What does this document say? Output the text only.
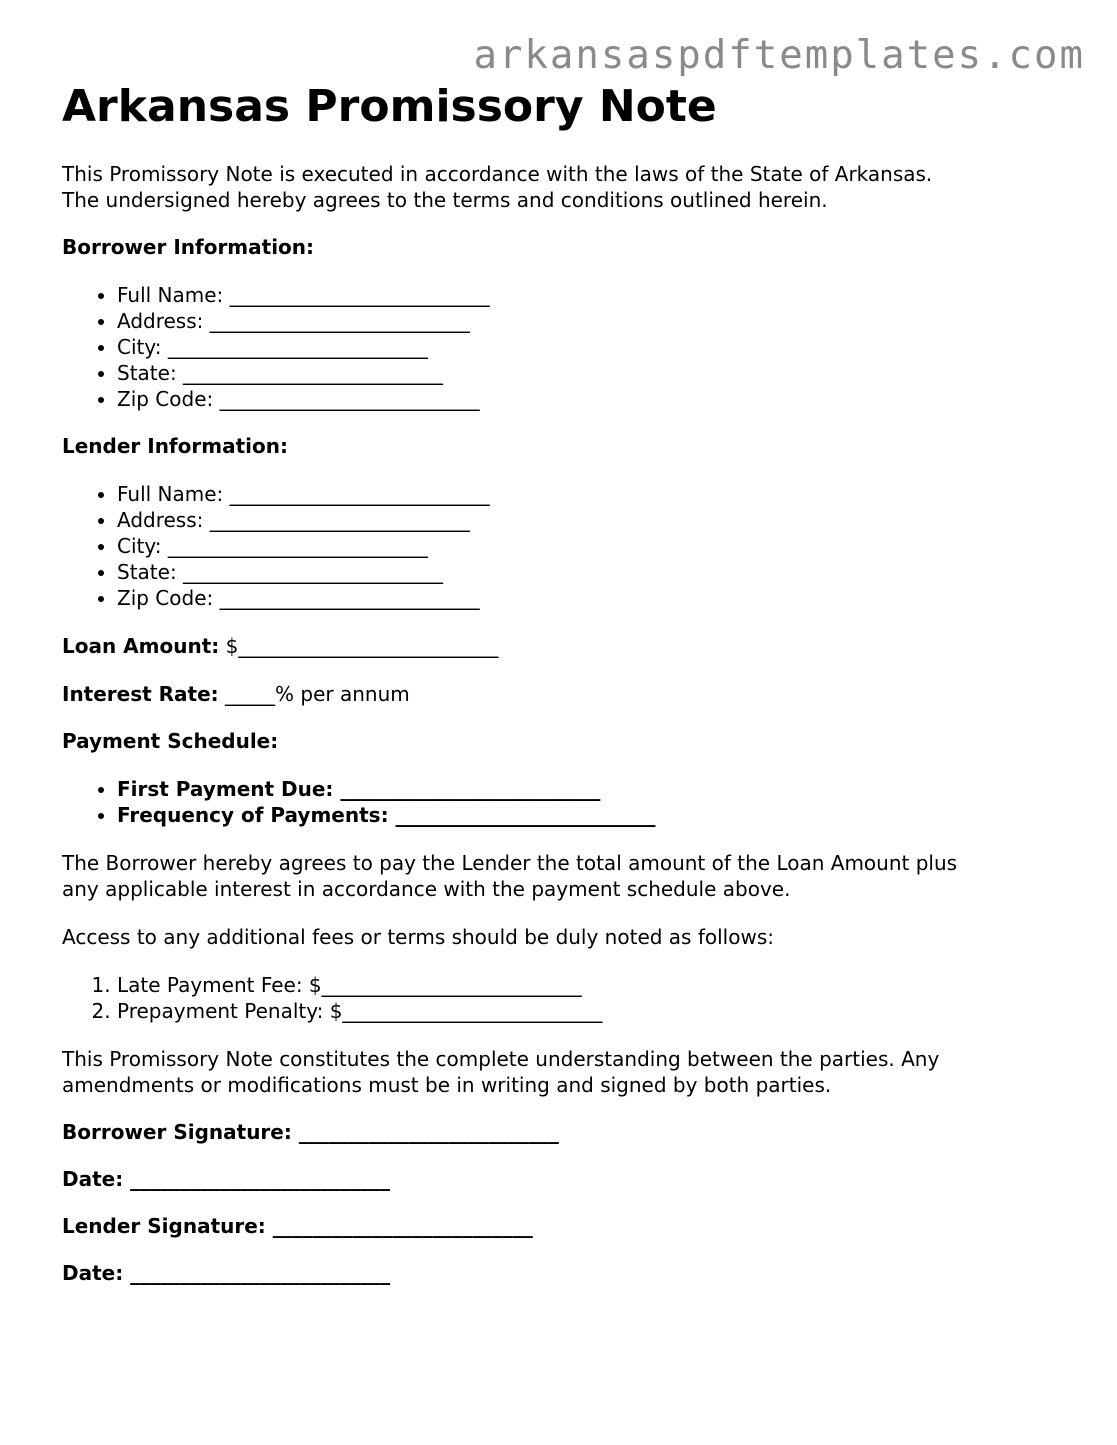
arkansaspdftemplates.com
Arkansas Promissory Note

This Promissory Note is executed in accordance with the laws of the State of Arkansas.
The undersigned hereby agrees to the terms and conditions outlined herein.

Borrower Information:

• Full Name: __________________________
• Address: __________________________
• City: __________________________
• State: __________________________
• Zip Code: __________________________

Lender Information:

• Full Name: __________________________
• Address: __________________________
• City: __________________________
• State: __________________________
• Zip Code: __________________________

Loan Amount: $__________________________

Interest Rate: _____% per annum

Payment Schedule:

• First Payment Due: __________________________
• Frequency of Payments: __________________________

The Borrower hereby agrees to pay the Lender the total amount of the Loan Amount plus
any applicable interest in accordance with the payment schedule above.

Access to any additional fees or terms should be duly noted as follows:

1. Late Payment Fee: $__________________________
2. Prepayment Penalty: $__________________________

This Promissory Note constitutes the complete understanding between the parties. Any
amendments or modifications must be in writing and signed by both parties.

Borrower Signature: __________________________

Date: __________________________

Lender Signature: __________________________

Date: __________________________
